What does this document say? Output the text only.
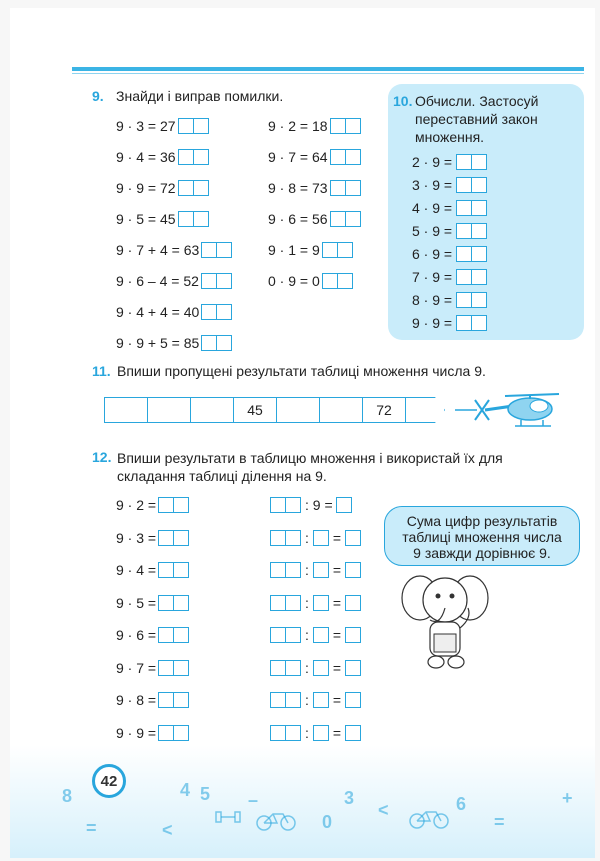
9. Знайди і виправ помилки.
9 · 3 = 27
9 · 4 = 36
9 · 9 = 72
9 · 5 = 45
9 · 7 + 4 = 63
9 · 6 – 4 = 52
9 · 4 + 4 = 40
9 · 9 + 5 = 85
9 · 2 = 18
9 · 7 = 64
9 · 8 = 73
9 · 6 = 56
9 · 1 = 9
0 · 9 = 0
10. Обчисли. Застосуй
переставний закон
множення.
2 · 9 =
3 · 9 =
4 · 9 =
5 · 9 =
6 · 9 =
7 · 9 =
8 · 9 =
9 · 9 =
11. Впиши пропущені результати таблиці множення числа 9.
45	72
12. Впиши результати в таблицю множення і використай їх для
складання таблиці ділення на 9.
9 · 2 =
9 · 3 =
9 · 4 =
9 · 5 =
9 · 6 =
9 · 7 =
9 · 8 =
9 · 9 =
: 9 =
: =
: =
: =
: =
: =
: =
: =
Сума цифр результатів
таблиці множення числа
9 завжди дорівнює 9.
42
8	4 5 –	3
0
<	6	+
=	<	=
